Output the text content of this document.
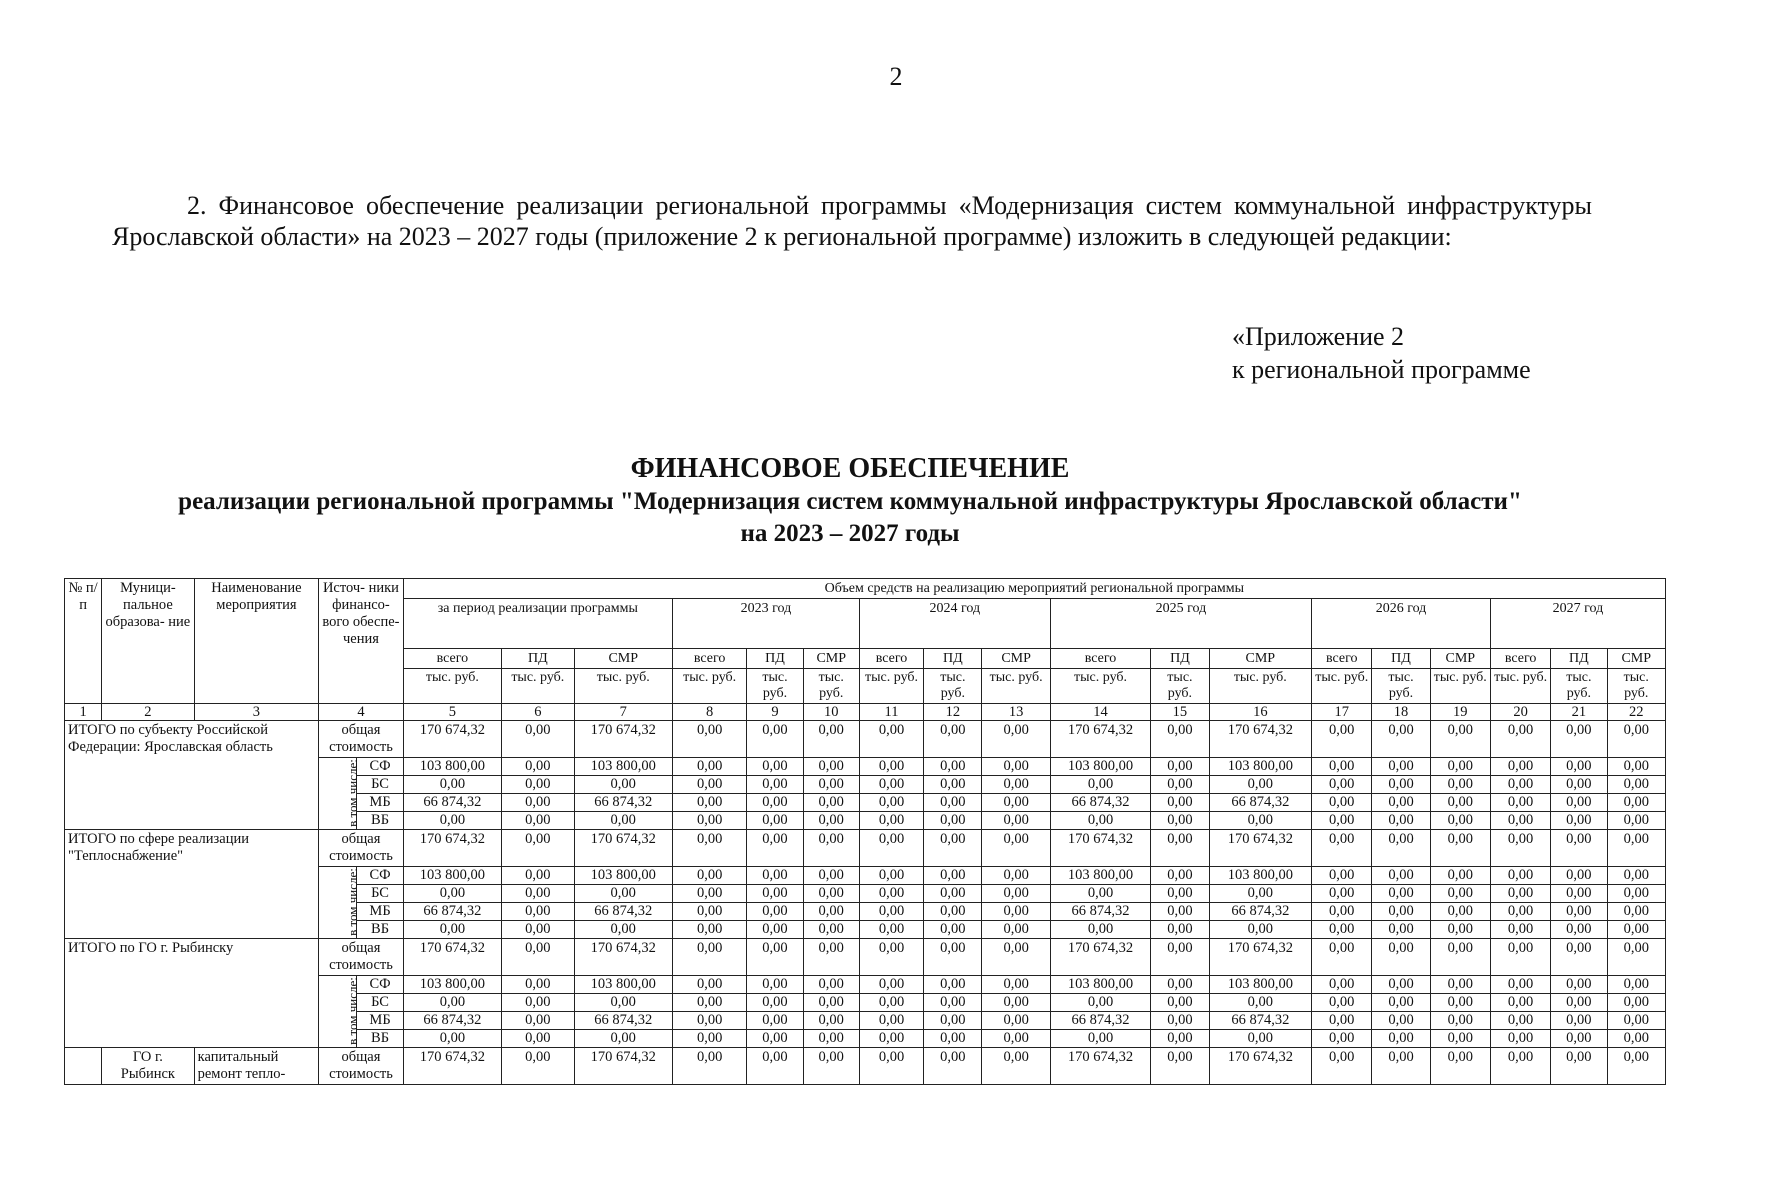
2
2. Финансовое обеспечение реализации региональной программы «Модернизация систем коммунальной инфраструктуры Ярославской области» на 2023 – 2027 годы (приложение 2 к региональной программе) изложить в следующей редакции:
«Приложение 2
к региональной программе
ФИНАНСОВОЕ ОБЕСПЕЧЕНИЕ
реализации региональной программы "Модернизация систем коммунальной инфраструктуры Ярославской области"
на 2023 – 2027 годы
№ п/п	Муници- пальное образова- ние	Наименование мероприятия	Источ- ники финансо- вого обеспе- чения		Объем средств на реализацию мероприятий региональной программы																	
					за период реализации программы			2023 год			2024 год			2025 год			2026 год			2027 год		
					всего	ПД	СМР	всего	ПД	СМР	всего	ПД	СМР	всего	ПД	СМР	всего	ПД	СМР	всего	ПД	СМР
					тыс. руб.	тыс. руб.	тыс. руб.	тыс. руб.	тыс. руб.	тыс. руб.	тыс. руб.	тыс. руб.	тыс. руб.	тыс. руб.	тыс. руб.	тыс. руб.	тыс. руб.	тыс. руб.	тыс. руб.	тыс. руб.	тыс. руб.	тыс. руб.
1	2	3	4		5	6	7	8	9	10	11	12	13	14	15	16	17	18	19	20	21	22
ИТОГО по субъекту Российской Федерации: Ярославская область			общая стоимость		170 674,32	0,00	170 674,32	0,00	0,00	0,00	0,00	0,00	0,00	170 674,32	0,00	170 674,32	0,00	0,00	0,00	0,00	0,00	0,00
			в том числе:	СФ	103 800,00	0,00	103 800,00	0,00	0,00	0,00	0,00	0,00	0,00	103 800,00	0,00	103 800,00	0,00	0,00	0,00	0,00	0,00	0,00
				БС	0,00	0,00	0,00	0,00	0,00	0,00	0,00	0,00	0,00	0,00	0,00	0,00	0,00	0,00	0,00	0,00	0,00	0,00
				МБ	66 874,32	0,00	66 874,32	0,00	0,00	0,00	0,00	0,00	0,00	66 874,32	0,00	66 874,32	0,00	0,00	0,00	0,00	0,00	0,00
				ВБ	0,00	0,00	0,00	0,00	0,00	0,00	0,00	0,00	0,00	0,00	0,00	0,00	0,00	0,00	0,00	0,00	0,00	0,00
ИТОГО по сфере реализации "Теплоснабжение"			общая стоимость		170 674,32	0,00	170 674,32	0,00	0,00	0,00	0,00	0,00	0,00	170 674,32	0,00	170 674,32	0,00	0,00	0,00	0,00	0,00	0,00
			в том числе:	СФ	103 800,00	0,00	103 800,00	0,00	0,00	0,00	0,00	0,00	0,00	103 800,00	0,00	103 800,00	0,00	0,00	0,00	0,00	0,00	0,00
				БС	0,00	0,00	0,00	0,00	0,00	0,00	0,00	0,00	0,00	0,00	0,00	0,00	0,00	0,00	0,00	0,00	0,00	0,00
				МБ	66 874,32	0,00	66 874,32	0,00	0,00	0,00	0,00	0,00	0,00	66 874,32	0,00	66 874,32	0,00	0,00	0,00	0,00	0,00	0,00
				ВБ	0,00	0,00	0,00	0,00	0,00	0,00	0,00	0,00	0,00	0,00	0,00	0,00	0,00	0,00	0,00	0,00	0,00	0,00
ИТОГО по ГО г. Рыбинску			общая стоимость		170 674,32	0,00	170 674,32	0,00	0,00	0,00	0,00	0,00	0,00	170 674,32	0,00	170 674,32	0,00	0,00	0,00	0,00	0,00	0,00
			в том числе:	СФ	103 800,00	0,00	103 800,00	0,00	0,00	0,00	0,00	0,00	0,00	103 800,00	0,00	103 800,00	0,00	0,00	0,00	0,00	0,00	0,00
				БС	0,00	0,00	0,00	0,00	0,00	0,00	0,00	0,00	0,00	0,00	0,00	0,00	0,00	0,00	0,00	0,00	0,00	0,00
				МБ	66 874,32	0,00	66 874,32	0,00	0,00	0,00	0,00	0,00	0,00	66 874,32	0,00	66 874,32	0,00	0,00	0,00	0,00	0,00	0,00
				ВБ	0,00	0,00	0,00	0,00	0,00	0,00	0,00	0,00	0,00	0,00	0,00	0,00	0,00	0,00	0,00	0,00	0,00	0,00
	ГО г. Рыбинск	капитальный ремонт тепло-	общая стоимость		170 674,32	0,00	170 674,32	0,00	0,00	0,00	0,00	0,00	0,00	170 674,32	0,00	170 674,32	0,00	0,00	0,00	0,00	0,00	0,00
